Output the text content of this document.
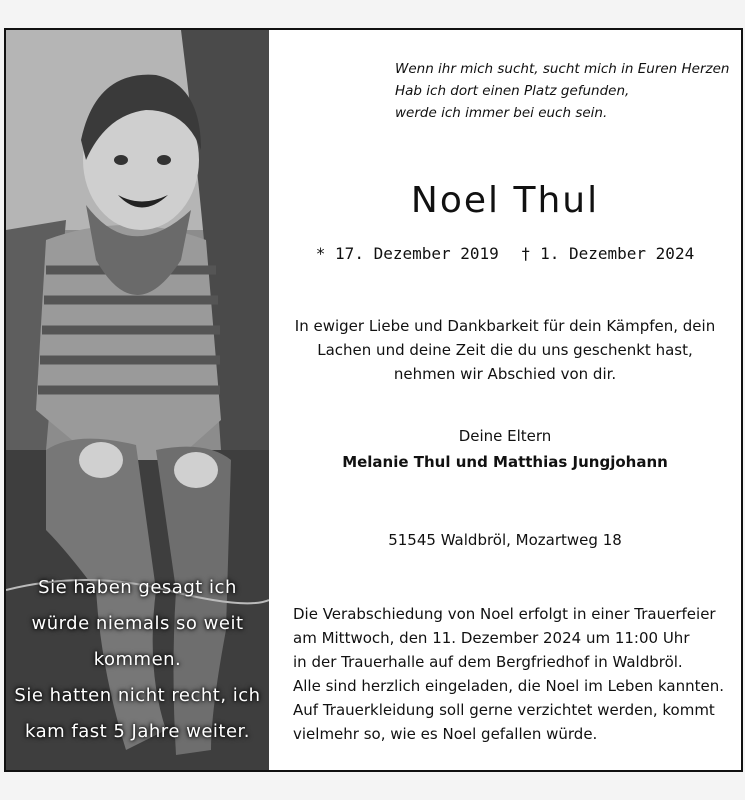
Sie haben gesagt ich
würde niemals so weit
kommen.
Sie hatten nicht recht, ich
kam fast 5 Jahre weiter.
Wenn ihr mich sucht, sucht mich in Euren Herzen
Hab ich dort einen Platz gefunden,
werde ich immer bei euch sein.
Noel Thul
* 17. Dezember 2019 † 1. Dezember 2024
In ewiger Liebe und Dankbarkeit für dein Kämpfen, dein
Lachen und deine Zeit die du uns geschenkt hast,
nehmen wir Abschied von dir.
Deine Eltern
Melanie Thul und Matthias Jungjohann
51545 Waldbröl, Mozartweg 18
Die Verabschiedung von Noel erfolgt in einer Trauerfeier
am Mittwoch, den 11. Dezember 2024 um 11:00 Uhr
in der Trauerhalle auf dem Bergfriedhof in Waldbröl.
Alle sind herzlich eingeladen, die Noel im Leben kannten.
Auf Trauerkleidung soll gerne verzichtet werden, kommt
vielmehr so, wie es Noel gefallen würde.
